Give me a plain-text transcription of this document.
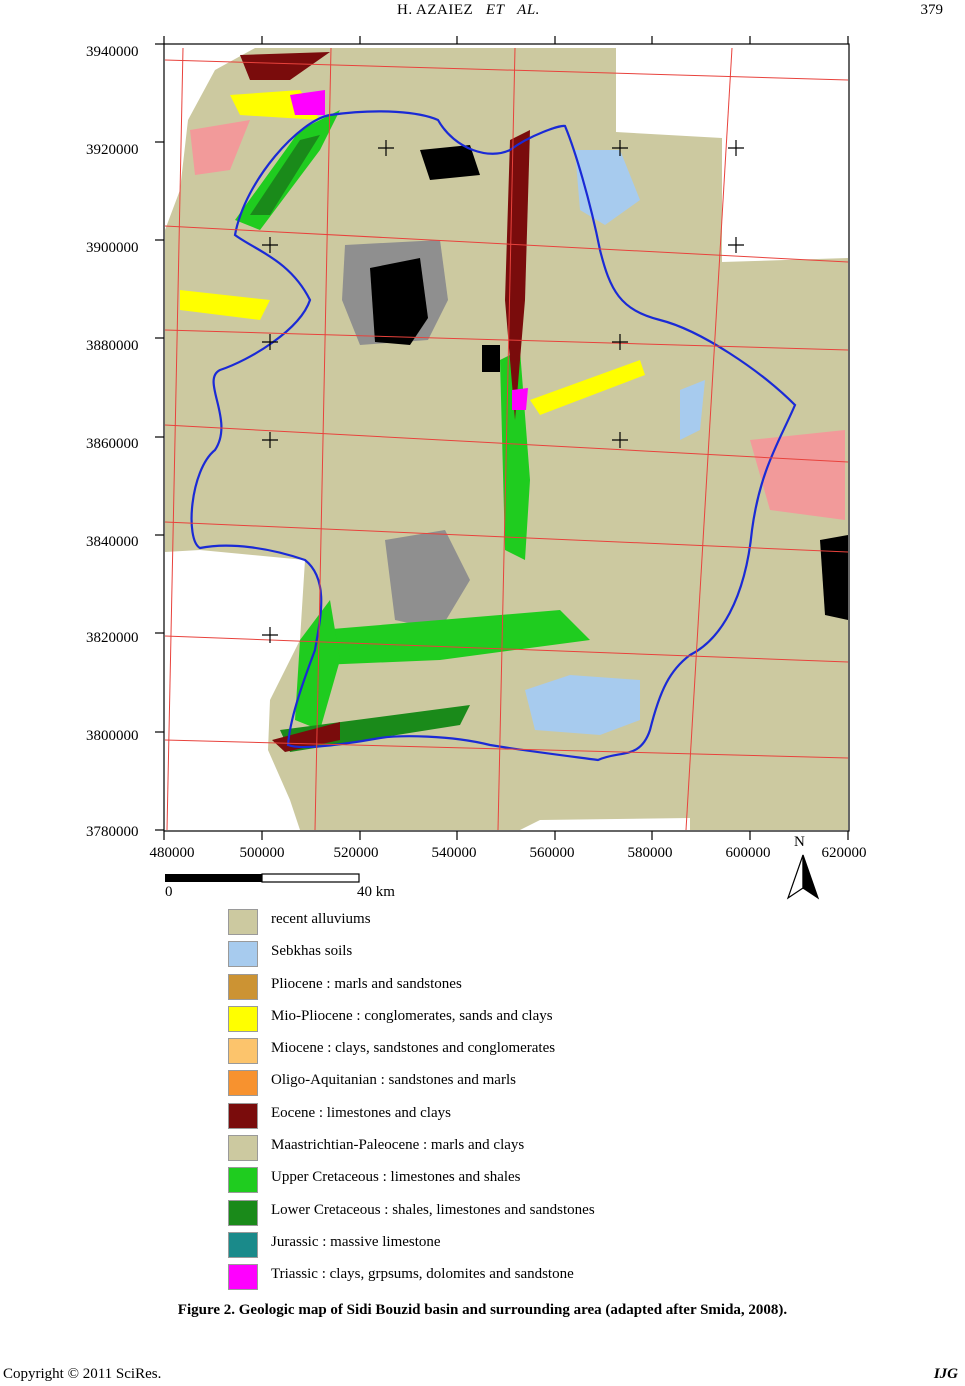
H. AZAIEZ ET AL.	379
3940000
3920000
3900000
3880000
3860000
3840000
3820000
3800000
3780000
480000	500000	520000	540000	560000	580000	600000	620000
0	40 km
N
recent alluviums
Sebkhas soils
Pliocene : marls and sandstones
Mio-Pliocene : conglomerates, sands and clays
Miocene : clays, sandstones and conglomerates
Oligo-Aquitanian : sandstones and marls
Eocene : limestones and clays
Maastrichtian-Paleocene : marls and clays
Upper Cretaceous : limestones and shales
Lower Cretaceous : shales, limestones and sandstones
Jurassic : massive limestone
Triassic : clays, grpsums, dolomites and sandstone
Figure 2. Geologic map of Sidi Bouzid basin and surrounding area (adapted after Smida, 2008).
Copyright © 2011 SciRes.	IJG
